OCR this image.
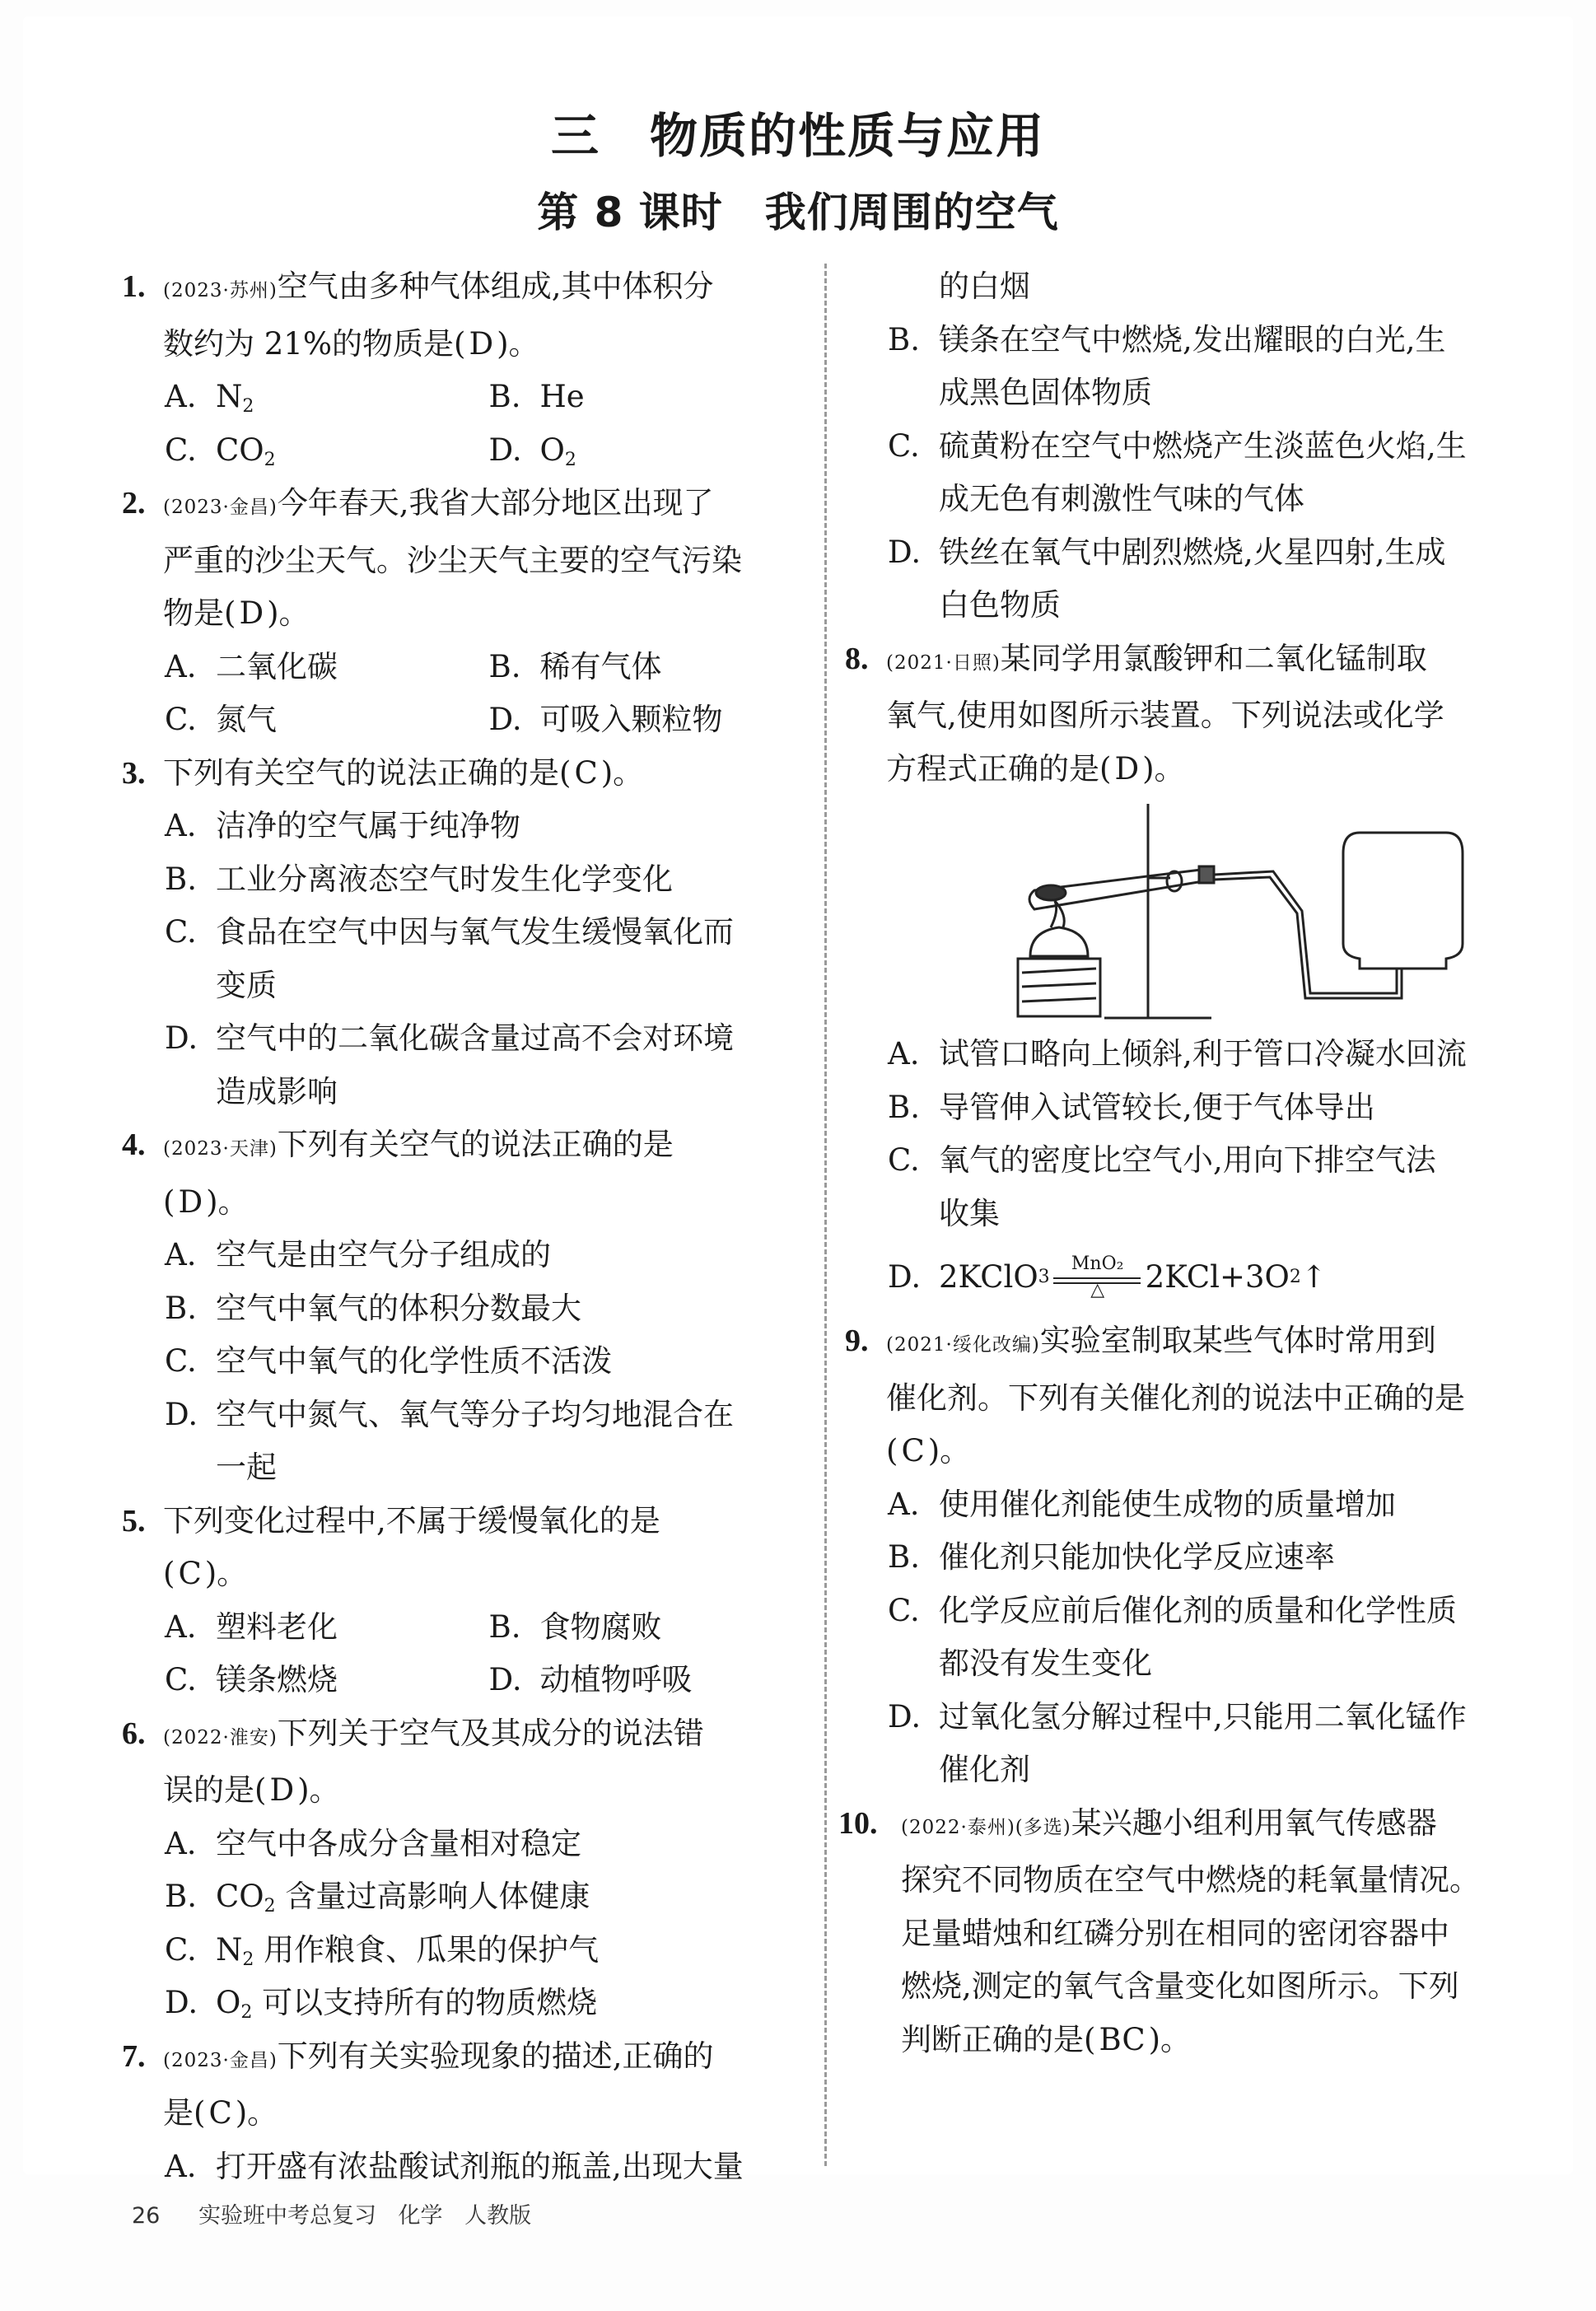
三　物质的性质与应用
第 8 课时　我们周围的空气
1. (2023·苏州)空气由多种气体组成,其中体积分
数约为 21%的物质是( D )。
A. $N_2$	B. He
C. $CO_2$	D. $O_2$
2. (2023·金昌)今年春天,我省大部分地区出现了
严重的沙尘天气。沙尘天气主要的空气污染
物是( D )。
A. 二氧化碳	B. 稀有气体
C. 氮气	D. 可吸入颗粒物
3. 下列有关空气的说法正确的是( C )。
A. 洁净的空气属于纯净物
B. 工业分离液态空气时发生化学变化
C. 食品在空气中因与氧气发生缓慢氧化而
变质
D. 空气中的二氧化碳含量过高不会对环境
造成影响
4. (2023·天津)下列有关空气的说法正确的是
( D )。
A. 空气是由空气分子组成的
B. 空气中氧气的体积分数最大
C. 空气中氧气的化学性质不活泼
D. 空气中氮气、氧气等分子均匀地混合在
一起
5. 下列变化过程中,不属于缓慢氧化的是
( C )。
A. 塑料老化	B. 食物腐败
C. 镁条燃烧	D. 动植物呼吸
6. (2022·淮安)下列关于空气及其成分的说法错
误的是( D )。
A. 空气中各成分含量相对稳定
B. $CO_2$ 含量过高影响人体健康
C. $N_2$ 用作粮食、瓜果的保护气
D. $O_2$ 可以支持所有的物质燃烧
7. (2023·金昌)下列有关实验现象的描述,正确的
是( C )。
A. 打开盛有浓盐酸试剂瓶的瓶盖,出现大量
的白烟
B. 镁条在空气中燃烧,发出耀眼的白光,生
成黑色固体物质
C. 硫黄粉在空气中燃烧产生淡蓝色火焰,生
成无色有刺激性气味的气体
D. 铁丝在氧气中剧烈燃烧,火星四射,生成
白色物质
8. (2021·日照)某同学用氯酸钾和二氧化锰制取
氧气,使用如图所示装置。下列说法或化学
方程式正确的是( D )。
A. 试管口略向上倾斜,利于管口冷凝水回流
B. 导管伸入试管较长,便于气体导出
C. 氧气的密度比空气小,用向下排空气法
收集
D. 2KClO 3
MnO₂
△	2KCl+3O 2 ↑
9. (2021·绥化改编)实验室制取某些气体时常用到
催化剂。下列有关催化剂的说法中正确的是
( C )。
A. 使用催化剂能使生成物的质量增加
B. 催化剂只能加快化学反应速率
C. 化学反应前后催化剂的质量和化学性质
都没有发生变化
D. 过氧化氢分解过程中,只能用二氧化锰作
催化剂
10. (2022·泰州)(多选)某兴趣小组利用氧气传感器
探究不同物质在空气中燃烧的耗氧量情况。
足量蜡烛和红磷分别在相同的密闭容器中
燃烧,测定的氧气含量变化如图所示。下列
判断正确的是( BC )。
26 实验班中考总复习 化学 人教版
